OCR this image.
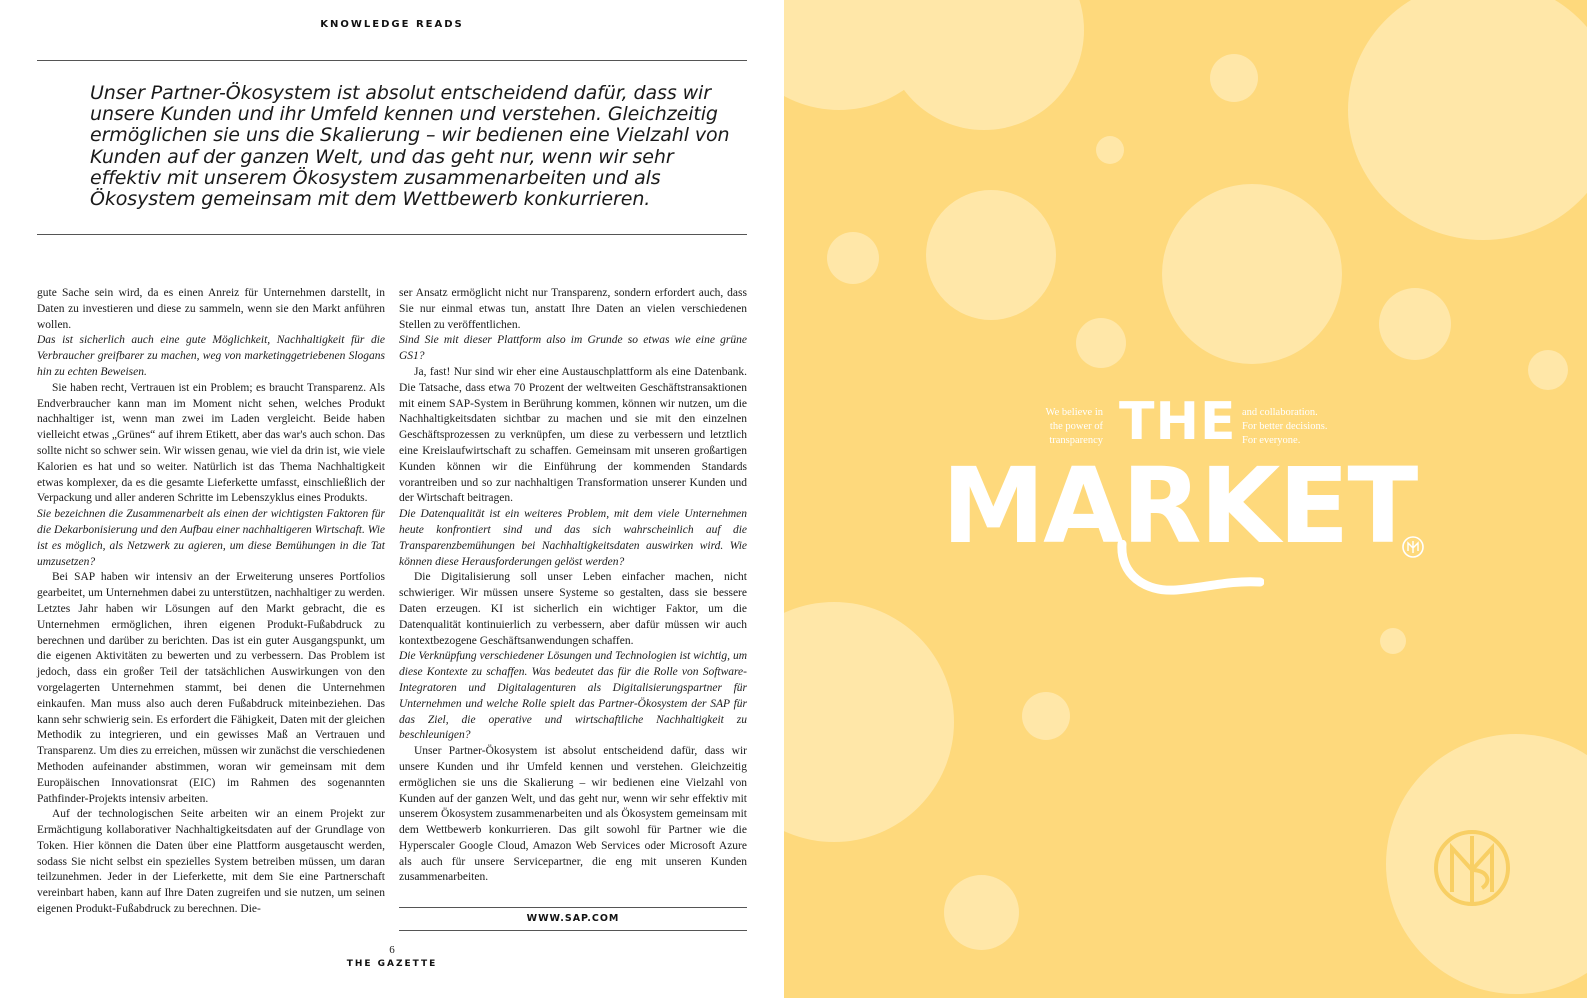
KNOWLEDGE READS
Unser Partner-Ökosystem ist absolut entscheidend dafür, dass wir unsere Kunden und ihr Umfeld kennen und verstehen. Gleichzeitig ermöglichen sie uns die Skalierung – wir bedienen eine Vielzahl von Kunden auf der ganzen Welt, und das geht nur, wenn wir sehr effektiv mit unserem Ökosystem zusammenarbeiten und als Ökosystem gemeinsam mit dem Wettbewerb konkurrieren.

gute Sache sein wird, da es einen Anreiz für Unternehmen darstellt, in Daten zu investieren und diese zu sammeln, wenn sie den Markt anführen wollen.

Das ist sicherlich auch eine gute Möglichkeit, Nachhaltigkeit für die Verbraucher greifbarer zu machen, weg von marketinggetriebenen Slogans hin zu echten Beweisen.

Sie haben recht, Vertrauen ist ein Problem; es braucht Transparenz. Als Endverbraucher kann man im Moment nicht sehen, welches Produkt nachhaltiger ist, wenn man zwei im Laden vergleicht. Beide haben vielleicht etwas „Grünes“ auf ihrem Etikett, aber das war's auch schon. Das sollte nicht so schwer sein. Wir wissen genau, wie viel da drin ist, wie viele Kalorien es hat und so weiter. Natürlich ist das Thema Nachhaltigkeit etwas komplexer, da es die gesamte Lieferkette umfasst, einschließlich der Verpackung und aller anderen Schritte im Lebenszyklus eines Produkts.

Sie bezeichnen die Zusammenarbeit als einen der wichtigsten Faktoren für die Dekarbonisierung und den Aufbau einer nachhaltigeren Wirtschaft. Wie ist es möglich, als Netzwerk zu agieren, um diese Bemühungen in die Tat umzusetzen?

Bei SAP haben wir intensiv an der Erweiterung unseres Portfolios gearbeitet, um Unternehmen dabei zu unterstützen, nachhaltiger zu werden. Letztes Jahr haben wir Lösungen auf den Markt gebracht, die es Unternehmen ermöglichen, ihren eigenen Produkt-Fußabdruck zu berechnen und darüber zu berichten. Das ist ein guter Ausgangspunkt, um die eigenen Aktivitäten zu bewerten und zu verbessern. Das Problem ist jedoch, dass ein großer Teil der tatsächlichen Auswirkungen von den vorgelagerten Unternehmen stammt, bei denen die Unternehmen einkaufen. Man muss also auch deren Fußabdruck miteinbeziehen. Das kann sehr schwierig sein. Es erfordert die Fähigkeit, Daten mit der gleichen Methodik zu integrieren, und ein gewisses Maß an Vertrauen und Transparenz. Um dies zu erreichen, müssen wir zunächst die verschiedenen Methoden aufeinander abstimmen, woran wir gemeinsam mit dem Europäischen Innovationsrat (EIC) im Rahmen des sogenannten Pathfinder-Projekts intensiv arbeiten.

Auf der technologischen Seite arbeiten wir an einem Projekt zur Ermächtigung kollaborativer Nachhaltigkeitsdaten auf der Grundlage von Token. Hier können die Daten über eine Plattform ausgetauscht werden, sodass Sie nicht selbst ein spezielles System betreiben müssen, um daran teilzunehmen. Jeder in der Lieferkette, mit dem Sie eine Partnerschaft vereinbart haben, kann auf Ihre Daten zugreifen und sie nutzen, um seinen eigenen Produkt-Fußabdruck zu berechnen. Die-

ser Ansatz ermöglicht nicht nur Transparenz, sondern erfordert auch, dass Sie nur einmal etwas tun, anstatt Ihre Daten an vielen verschiedenen Stellen zu veröffentlichen.

Sind Sie mit dieser Plattform also im Grunde so etwas wie eine grüne GS1?

Ja, fast! Nur sind wir eher eine Austauschplattform als eine Datenbank. Die Tatsache, dass etwa 70 Prozent der weltweiten Geschäftstransaktionen mit einem SAP-System in Berührung kommen, können wir nutzen, um die Nachhaltigkeitsdaten sichtbar zu machen und sie mit den einzelnen Geschäftsprozessen zu verknüpfen, um diese zu verbessern und letztlich eine Kreislaufwirtschaft zu schaffen. Gemeinsam mit unseren großartigen Kunden können wir die Einführung der kommenden Standards vorantreiben und so zur nachhaltigen Transformation unserer Kunden und der Wirtschaft beitragen.

Die Datenqualität ist ein weiteres Problem, mit dem viele Unternehmen heute konfrontiert sind und das sich wahrscheinlich auf die Transparenzbemühungen bei Nachhaltigkeitsdaten auswirken wird. Wie können diese Herausforderungen gelöst werden?

Die Digitalisierung soll unser Leben einfacher machen, nicht schwieriger. Wir müssen unsere Systeme so gestalten, dass sie bessere Daten erzeugen. KI ist sicherlich ein wichtiger Faktor, um die Datenqualität kontinuierlich zu verbessern, aber dafür müssen wir auch kontextbezogene Geschäftsanwendungen schaffen.

Die Verknüpfung verschiedener Lösungen und Technologien ist wichtig, um diese Kontexte zu schaffen. Was bedeutet das für die Rolle von Software-Integratoren und Digitalagenturen als Digitalisierungspartner für Unternehmen und welche Rolle spielt das Partner-Ökosystem der SAP für das Ziel, die operative und wirtschaftliche Nachhaltigkeit zu beschleunigen?

Unser Partner-Ökosystem ist absolut entscheidend dafür, dass wir unsere Kunden und ihr Umfeld kennen und verstehen. Gleichzeitig ermöglichen sie uns die Skalierung – wir bedienen eine Vielzahl von Kunden auf der ganzen Welt, und das geht nur, wenn wir sehr effektiv mit unserem Ökosystem zusammenarbeiten und als Ökosystem gemeinsam mit dem Wettbewerb konkurrieren. Das gilt sowohl für Partner wie die Hyperscaler Google Cloud, Amazon Web Services oder Microsoft Azure als auch für unsere Servicepartner, die eng mit unseren Kunden zusammenarbeiten.

WWW.SAP.COM
6
THE GAZETTE
We believe in
the power of
transparency THE and collaboration.
For better decisions.
For everyone.
MARKET
